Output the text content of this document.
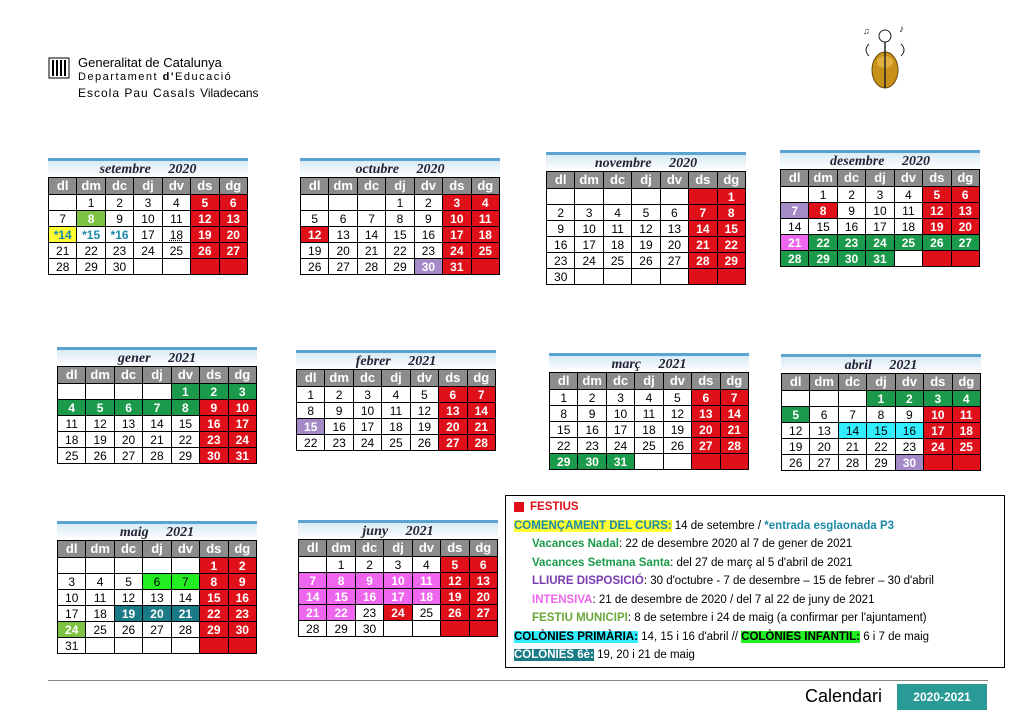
Generalitat de Catalunya
Departament d'Educació
Escola Pau Casals Viladecans
♪
♫
setembre 2020
dl	dm	dc	dj	dv	ds	dg
	1	2	3	4	5	6
7	8	9	10	11	12	13
*14	*15	*16	17	18	19	20
21	22	23	24	25	26	27
28	29	30				
octubre 2020
dl	dm	dc	dj	dv	ds	dg
			1	2	3	4
5	6	7	8	9	10	11
12	13	14	15	16	17	18
19	20	21	22	23	24	25
26	27	28	29	30	31	
novembre 2020
dl	dm	dc	dj	dv	ds	dg
						1
2	3	4	5	6	7	8
9	10	11	12	13	14	15
16	17	18	19	20	21	22
23	24	25	26	27	28	29
30						
desembre 2020
dl	dm	dc	dj	dv	ds	dg
	1	2	3	4	5	6
7	8	9	10	11	12	13
14	15	16	17	18	19	20
21	22	23	24	25	26	27
28	29	30	31			
gener 2021
dl	dm	dc	dj	dv	ds	dg
				1	2	3
4	5	6	7	8	9	10
11	12	13	14	15	16	17
18	19	20	21	22	23	24
25	26	27	28	29	30	31
febrer 2021
dl	dm	dc	dj	dv	ds	dg
1	2	3	4	5	6	7
8	9	10	11	12	13	14
15	16	17	18	19	20	21
22	23	24	25	26	27	28
març 2021
dl	dm	dc	dj	dv	ds	dg
1	2	3	4	5	6	7
8	9	10	11	12	13	14
15	16	17	18	19	20	21
22	23	24	25	26	27	28
29	30	31				
abril 2021
dl	dm	dc	dj	dv	ds	dg
			1	2	3	4
5	6	7	8	9	10	11
12	13	14	15	16	17	18
19	20	21	22	23	24	25
26	27	28	29	30		
maig 2021
dl	dm	dc	dj	dv	ds	dg
					1	2
3	4	5	6	7	8	9
10	11	12	13	14	15	16
17	18	19	20	21	22	23
24	25	26	27	28	29	30
31						
juny 2021
dl	dm	dc	dj	dv	ds	dg
	1	2	3	4	5	6
7	8	9	10	11	12	13
14	15	16	17	18	19	20
21	22	23	24	25	26	27
28	29	30				
FESTIUS
COMENÇAMENT DEL CURS: 14 de setembre / *entrada esglaonada P3
Vacances Nadal: 22 de desembre 2020 al 7 de gener de 2021
Vacances Setmana Santa: del 27 de març al 5 d'abril de 2021
LLIURE DISPOSICIÓ: 30 d'octubre - 7 de desembre – 15 de febrer – 30 d'abril
INTENSIVA: 21 de desembre de 2020 / del 7 al 22 de juny de 2021
FESTIU MUNICIPI: 8 de setembre i 24 de maig (a confirmar per l'ajuntament)
COLÒNIES PRIMÀRIA: 14, 15 i 16 d'abril // COLÒNIES INFANTIL: 6 i 7 de maig
COLÒNIES 6è: 19, 20 i 21 de maig
Calendari	2020-2021
